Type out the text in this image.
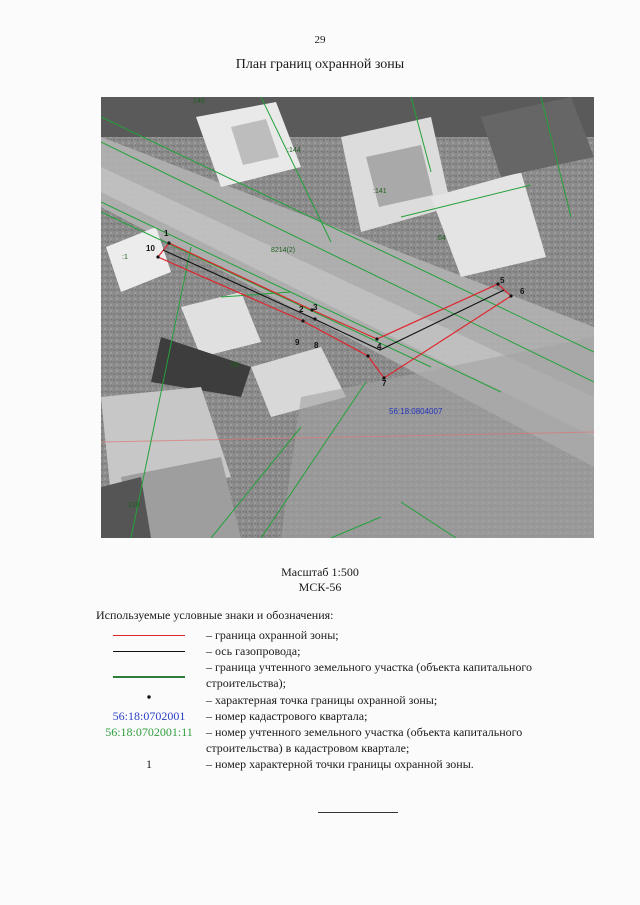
29
План границ охранной зоны
1
10
2 3
9 8	4
7
5
6
:146
:144
:141
:64
:1
:56
:228
8214(2)
56:18:0804007
Масштаб 1:500
МСК-56
Используемые условные знаки и обозначения:
– граница охранной зоны;
– ось газопровода;
– граница учтенного земельного участка (объекта капитального строительства);
– характерная точка границы охранной зоны;
56:18:0702001	– номер кадастрового квартала;
56:18:0702001:11	– номер учтенного земельного участка (объекта капитального строительства) в кадастровом квартале;
1	– номер характерной точки границы охранной зоны.
